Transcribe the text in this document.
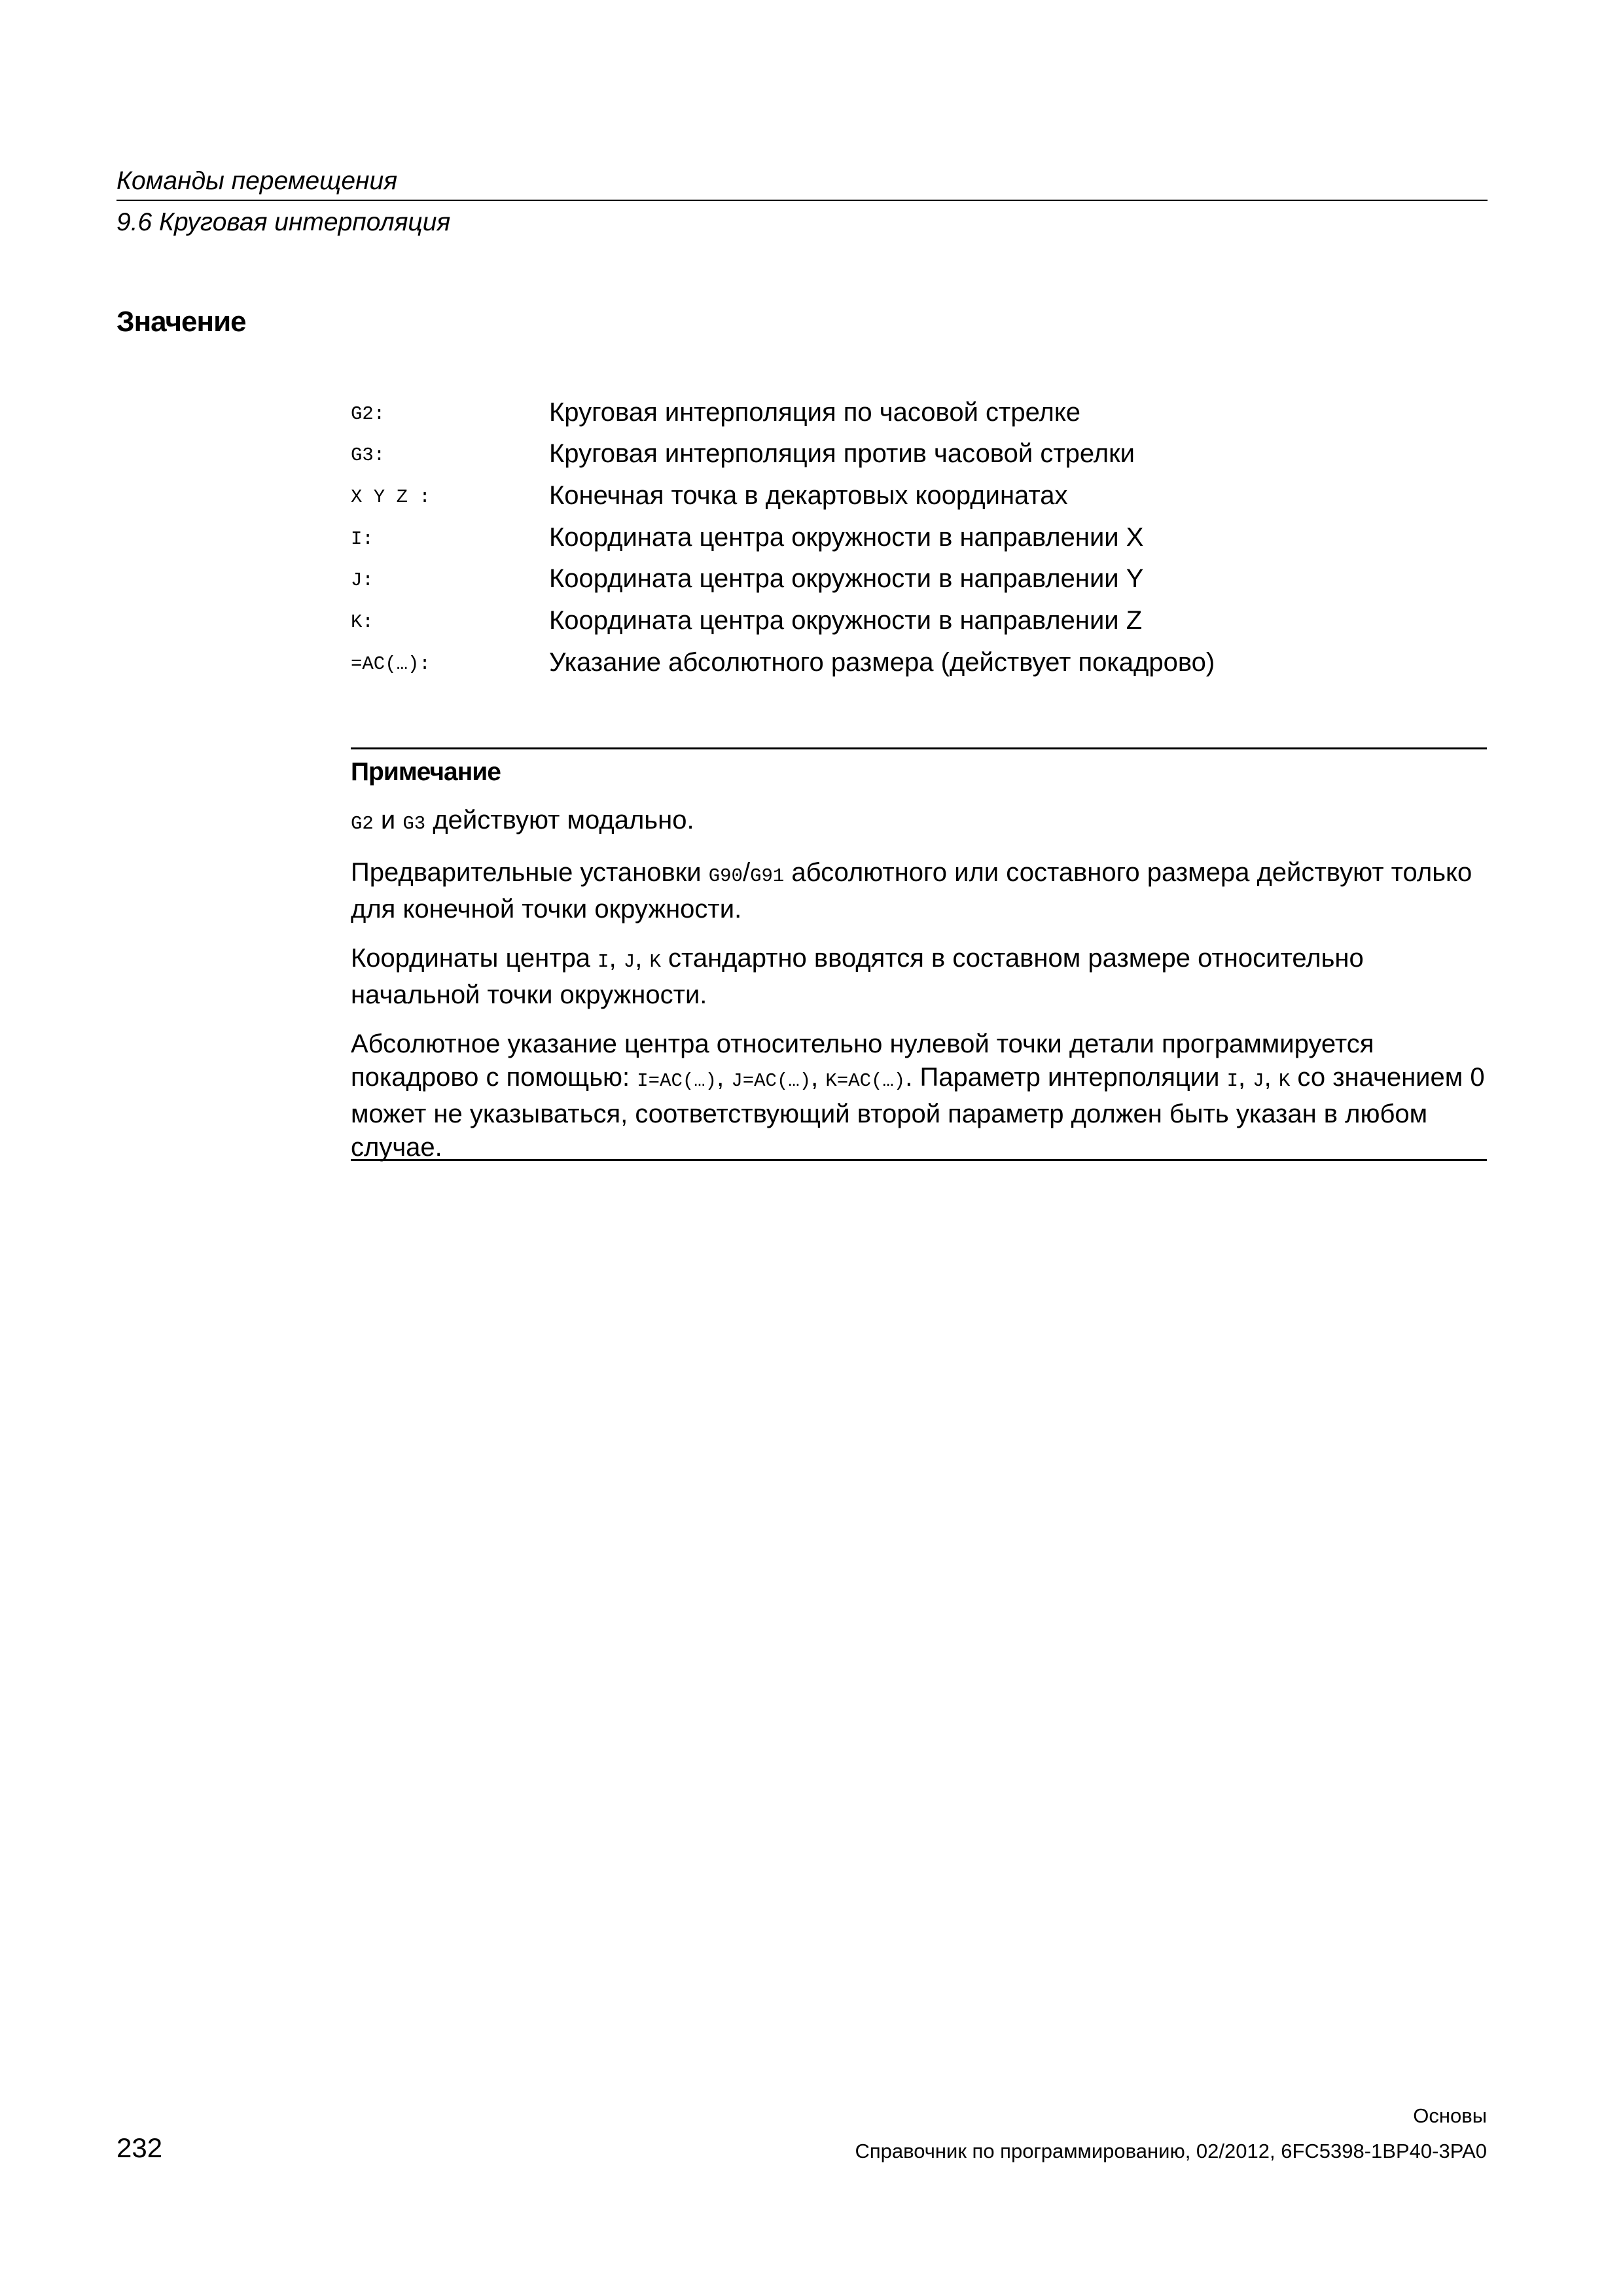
Команды перемещения
9.6 Круговая интерполяция
Значение
G2:	Круговая интерполяция по часовой стрелке
G3:	Круговая интерполяция против часовой стрелки
X Y Z :	Конечная точка в декартовых координатах
I:	Координата центра окружности в направлении X
J:	Координата центра окружности в направлении Y
K:	Координата центра окружности в направлении Z
=AC(…):	Указание абсолютного размера (действует покадрово)
Примечание

G2 и G3 действуют модально.

Предварительные установки G90/G91 абсолютного или составного размера действуют только для конечной точки окружности.

Координаты центра I, J, K стандартно вводятся в составном размере относительно начальной точки окружности.

Абсолютное указание центра относительно нулевой точки детали программируется покадрово с помощью: I=AC(…), J=AC(…), K=AC(…). Параметр интерполяции I, J, K со значением 0 может не указываться, соответствующий второй параметр должен быть указан в любом случае.

232
Основы
Справочник по программированию, 02/2012, 6FC5398-1BP40-3PA0
